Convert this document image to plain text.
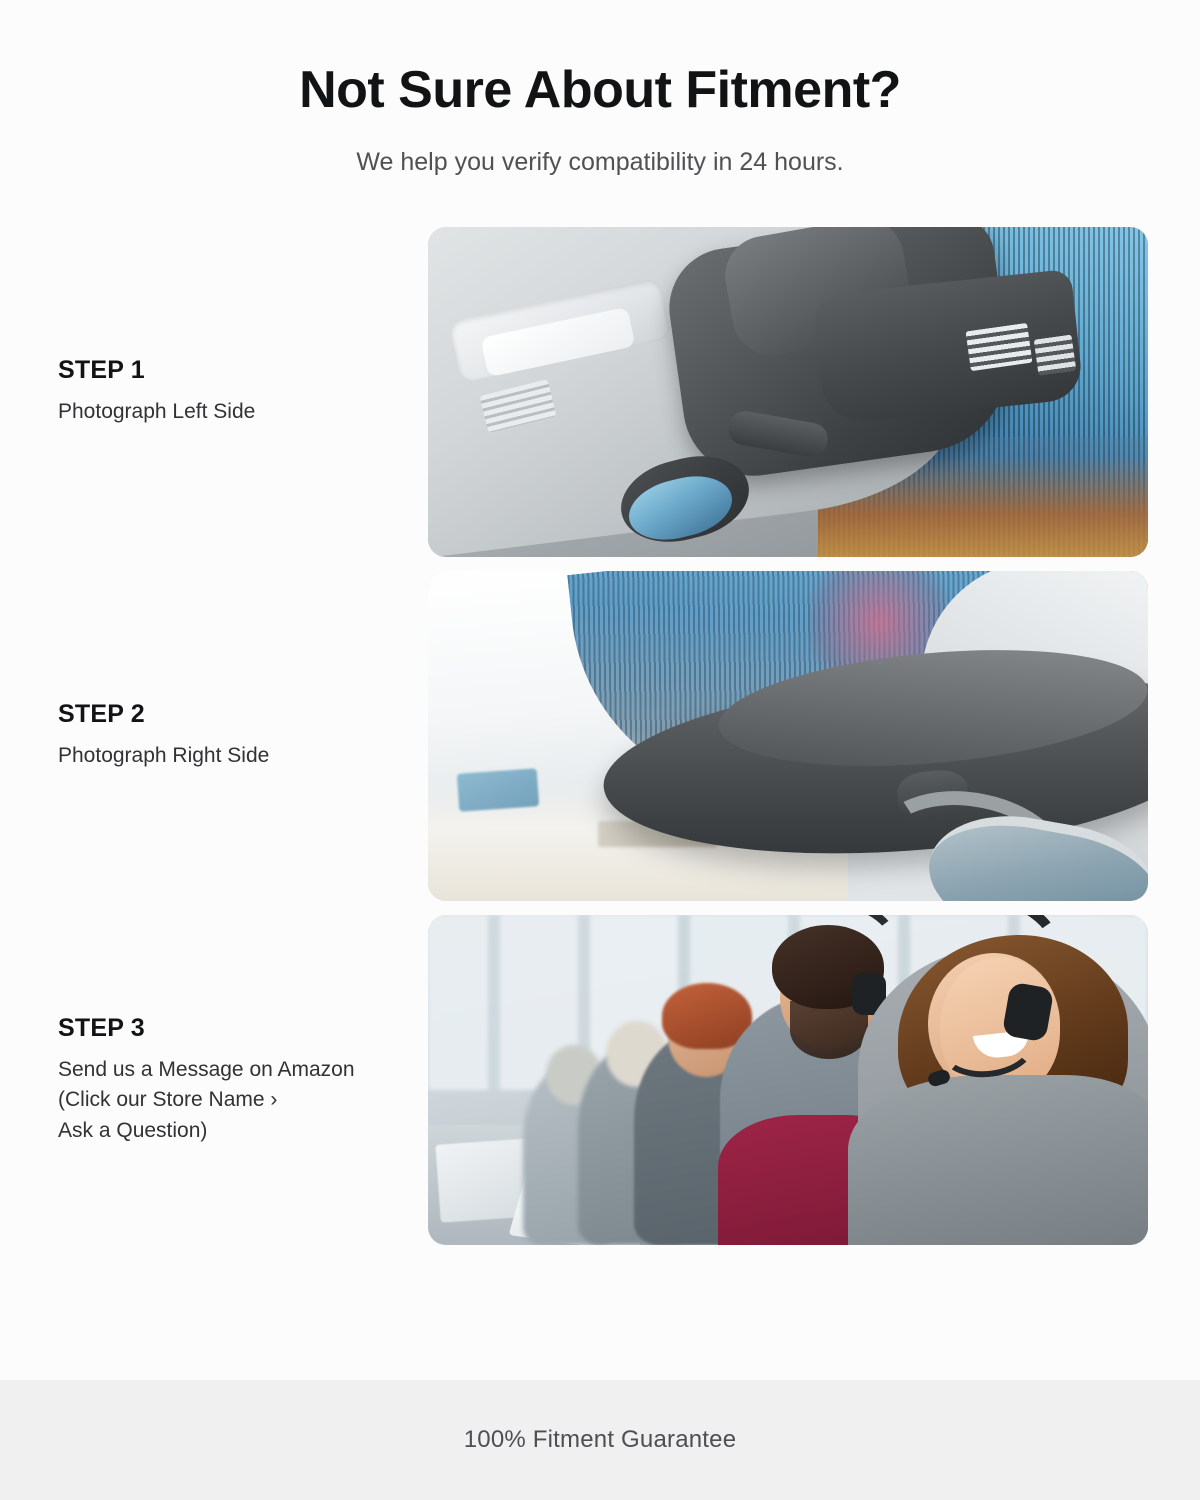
Not Sure About Fitment?

We help you verify compatibility in 24 hours.

STEP 1
Photograph Left Side
STEP 2
Photograph Right Side
STEP 3
Send us a Message on Amazon
(Click our Store Name ›
Ask a Question)
100% Fitment Guarantee
